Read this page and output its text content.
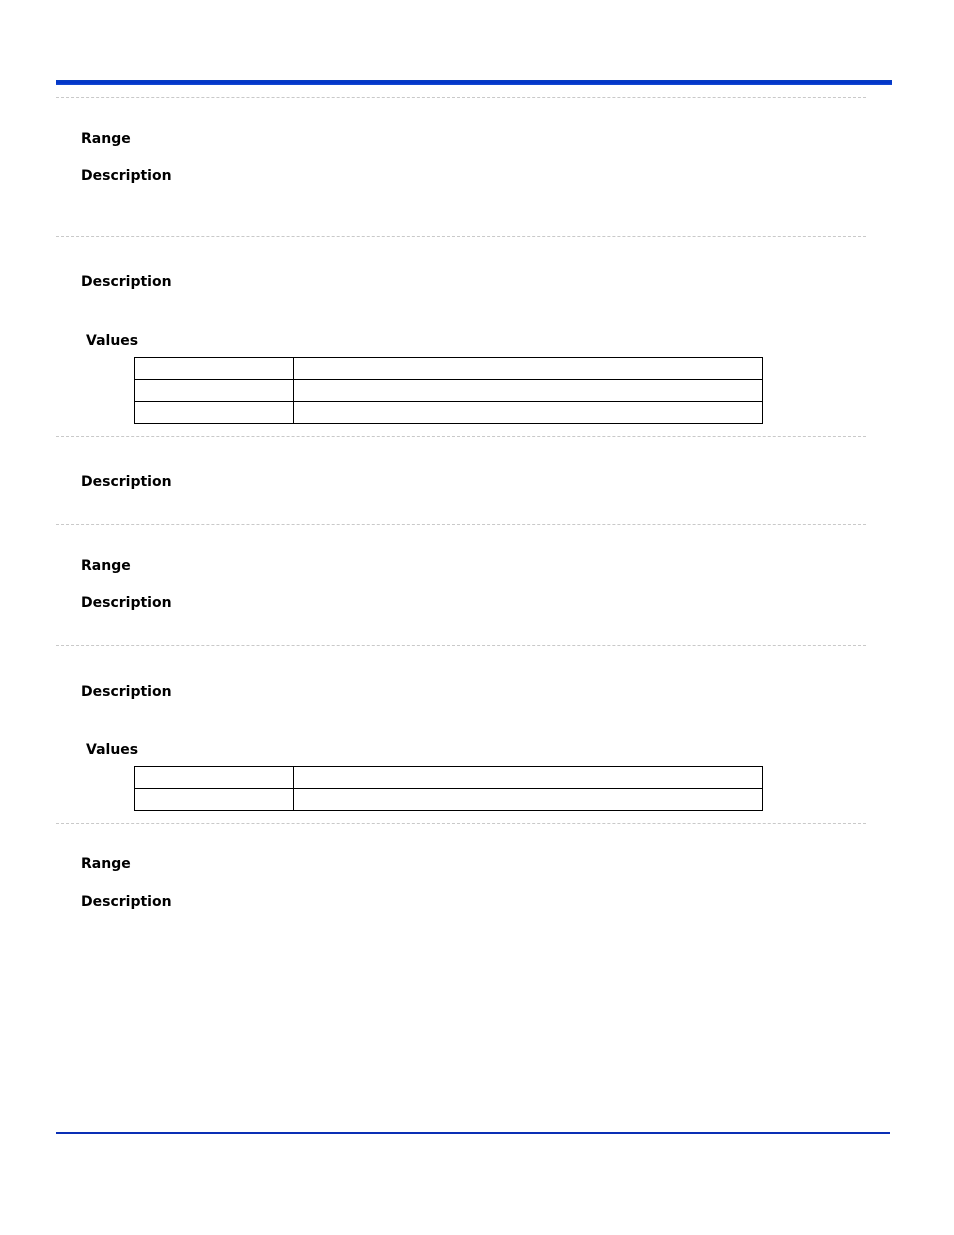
Range
Description
Description
Values

Description
Range
Description
Description
Values

Range
Description
